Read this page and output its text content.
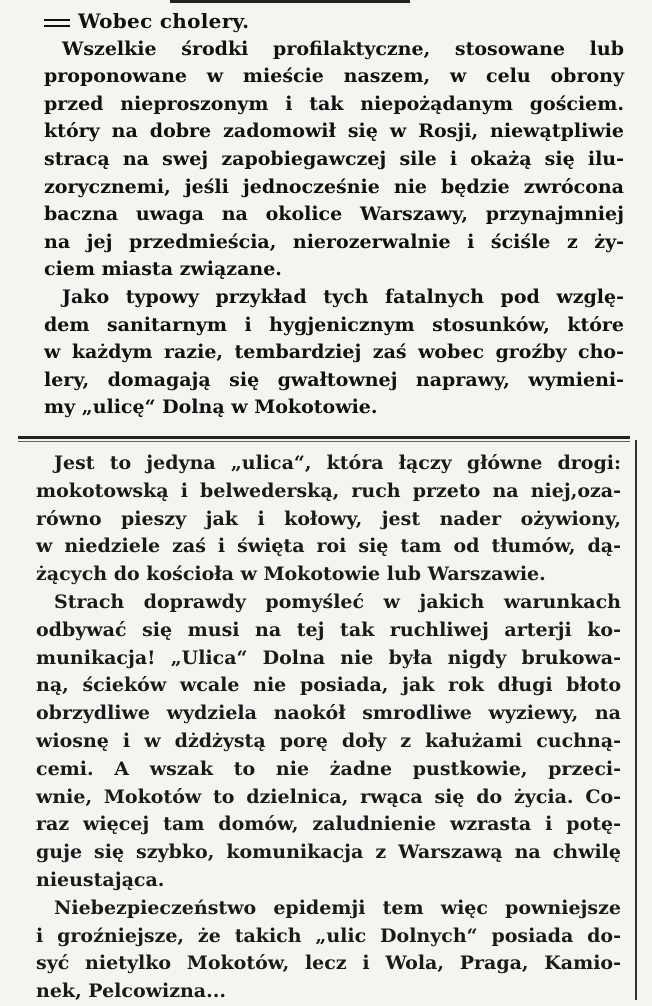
Wobec cholery.
Wszelkie środki profilaktyczne, stosowane lub
proponowane w mieście naszem, w celu obrony
przed nieproszonym i tak niepożądanym gościem.
który na dobre zadomowił się w Rosji, niewątpliwie
stracą na swej zapobiegawczej sile i okażą się ilu-
zorycznemi, jeśli jednocześnie nie będzie zwrócona
baczna uwaga na okolice Warszawy, przynajmniej
na jej przedmieścia, nierozerwalnie i ściśle z ży-
ciem miasta związane.
Jako typowy przykład tych fatalnych pod wzglę-
dem sanitarnym i hygjenicznym stosunków, które
w każdym razie, tembardziej zaś wobec groźby cho-
lery, domagają się gwałtownej naprawy, wymieni-
my „ulicę“ Dolną w Mokotowie.
Jest to jedyna „ulica“, która łączy główne drogi:
mokotowską i belwederską, ruch przeto na niej,oza-
równo pieszy jak i kołowy, jest nader ożywiony,
w niedziele zaś i święta roi się tam od tłumów, dą-
żących do kościoła w Mokotowie lub Warszawie.
Strach doprawdy pomyśleć w jakich warunkach
odbywać się musi na tej tak ruchliwej arterji ko-
munikacja! „Ulica“ Dolna nie była nigdy brukowa-
ną, ścieków wcale nie posiada, jak rok długi błoto
obrzydliwe wydziela naokół smrodliwe wyziewy, na
wiosnę i w dżdżystą porę doły z kałużami cuchną-
cemi. A wszak to nie żadne pustkowie, przeci-
wnie, Mokotów to dzielnica, rwąca się do życia. Co-
raz więcej tam domów, zaludnienie wzrasta i potę-
guje się szybko, komunikacja z Warszawą na chwilę
nieustająca.
Niebezpieczeństwo epidemji tem więc powniejsze
i groźniejsze, że takich „ulic Dolnych“ posiada do-
syć nietylko Mokotów, lecz i Wola, Praga, Kamio-
nek, Pelcowizna...
